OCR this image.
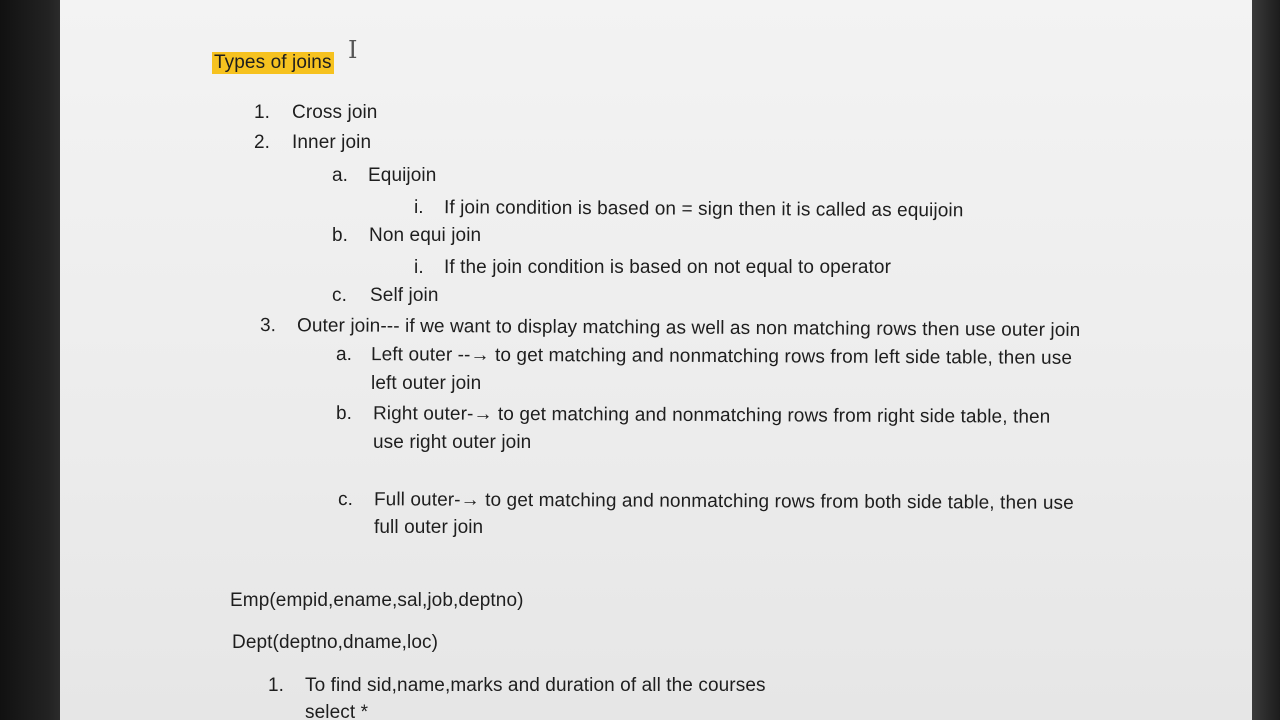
I
Types of joins
1. Cross join
2. Inner join
a. Equijoin
i. If join condition is based on = sign then it is called as equijoin
b. Non equi join
i. If the join condition is based on not equal to operator
c. Self join
3. Outer join--- if we want to display matching as well as non matching rows then use outer join
a. Left outer --→ to get matching and nonmatching rows from left side table, then use
left outer join
b. Right outer-→ to get matching and nonmatching rows from right side table, then
use right outer join
c. Full outer-→ to get matching and nonmatching rows from both side table, then use
full outer join
Emp(empid,ename,sal,job,deptno)
Dept(deptno,dname,loc)
1. To find sid,name,marks and duration of all the courses
select *
